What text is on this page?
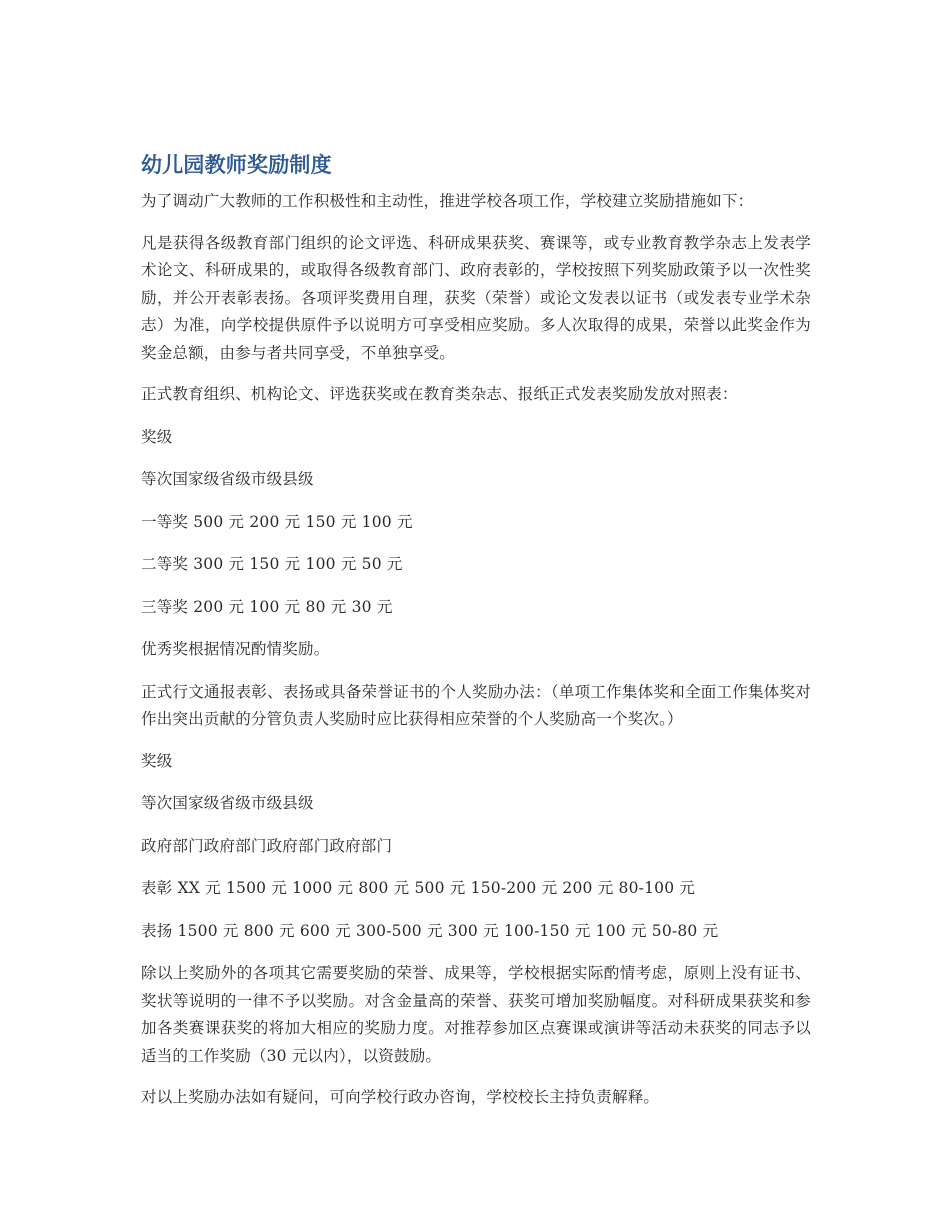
幼儿园教师奖励制度

为了调动广大教师的工作积极性和主动性，推进学校各项工作，学校建立奖励措施如下：

凡是获得各级教育部门组织的论文评选、科研成果获奖、赛课等，或专业教育教学杂志上发表学术论文、科研成果的，或取得各级教育部门、政府表彰的，学校按照下列奖励政策予以一次性奖励，并公开表彰表扬。各项评奖费用自理，获奖（荣誉）或论文发表以证书（或发表专业学术杂志）为准，向学校提供原件予以说明方可享受相应奖励。多人次取得的成果，荣誉以此奖金作为奖金总额，由参与者共同享受，不单独享受。

正式教育组织、机构论文、评选获奖或在教育类杂志、报纸正式发表奖励发放对照表：

奖级

等次国家级省级市级县级

一等奖 500 元 200 元 150 元 100 元

二等奖 300 元 150 元 100 元 50 元

三等奖 200 元 100 元 80 元 30 元

优秀奖根据情况酌情奖励。

正式行文通报表彰、表扬或具备荣誉证书的个人奖励办法：（单项工作集体奖和全面工作集体奖对作出突出贡献的分管负责人奖励时应比获得相应荣誉的个人奖励高一个奖次。）

奖级

等次国家级省级市级县级

政府部门政府部门政府部门政府部门

表彰 XX 元 1500 元 1000 元 800 元 500 元 150-200 元 200 元 80-100 元

表扬 1500 元 800 元 600 元 300-500 元 300 元 100-150 元 100 元 50-80 元

除以上奖励外的各项其它需要奖励的荣誉、成果等，学校根据实际酌情考虑，原则上没有证书、奖状等说明的一律不予以奖励。对含金量高的荣誉、获奖可增加奖励幅度。对科研成果获奖和参加各类赛课获奖的将加大相应的奖励力度。对推荐参加区点赛课或演讲等活动未获奖的同志予以适当的工作奖励（30 元以内），以资鼓励。

对以上奖励办法如有疑问，可向学校行政办咨询，学校校长主持负责解释。
